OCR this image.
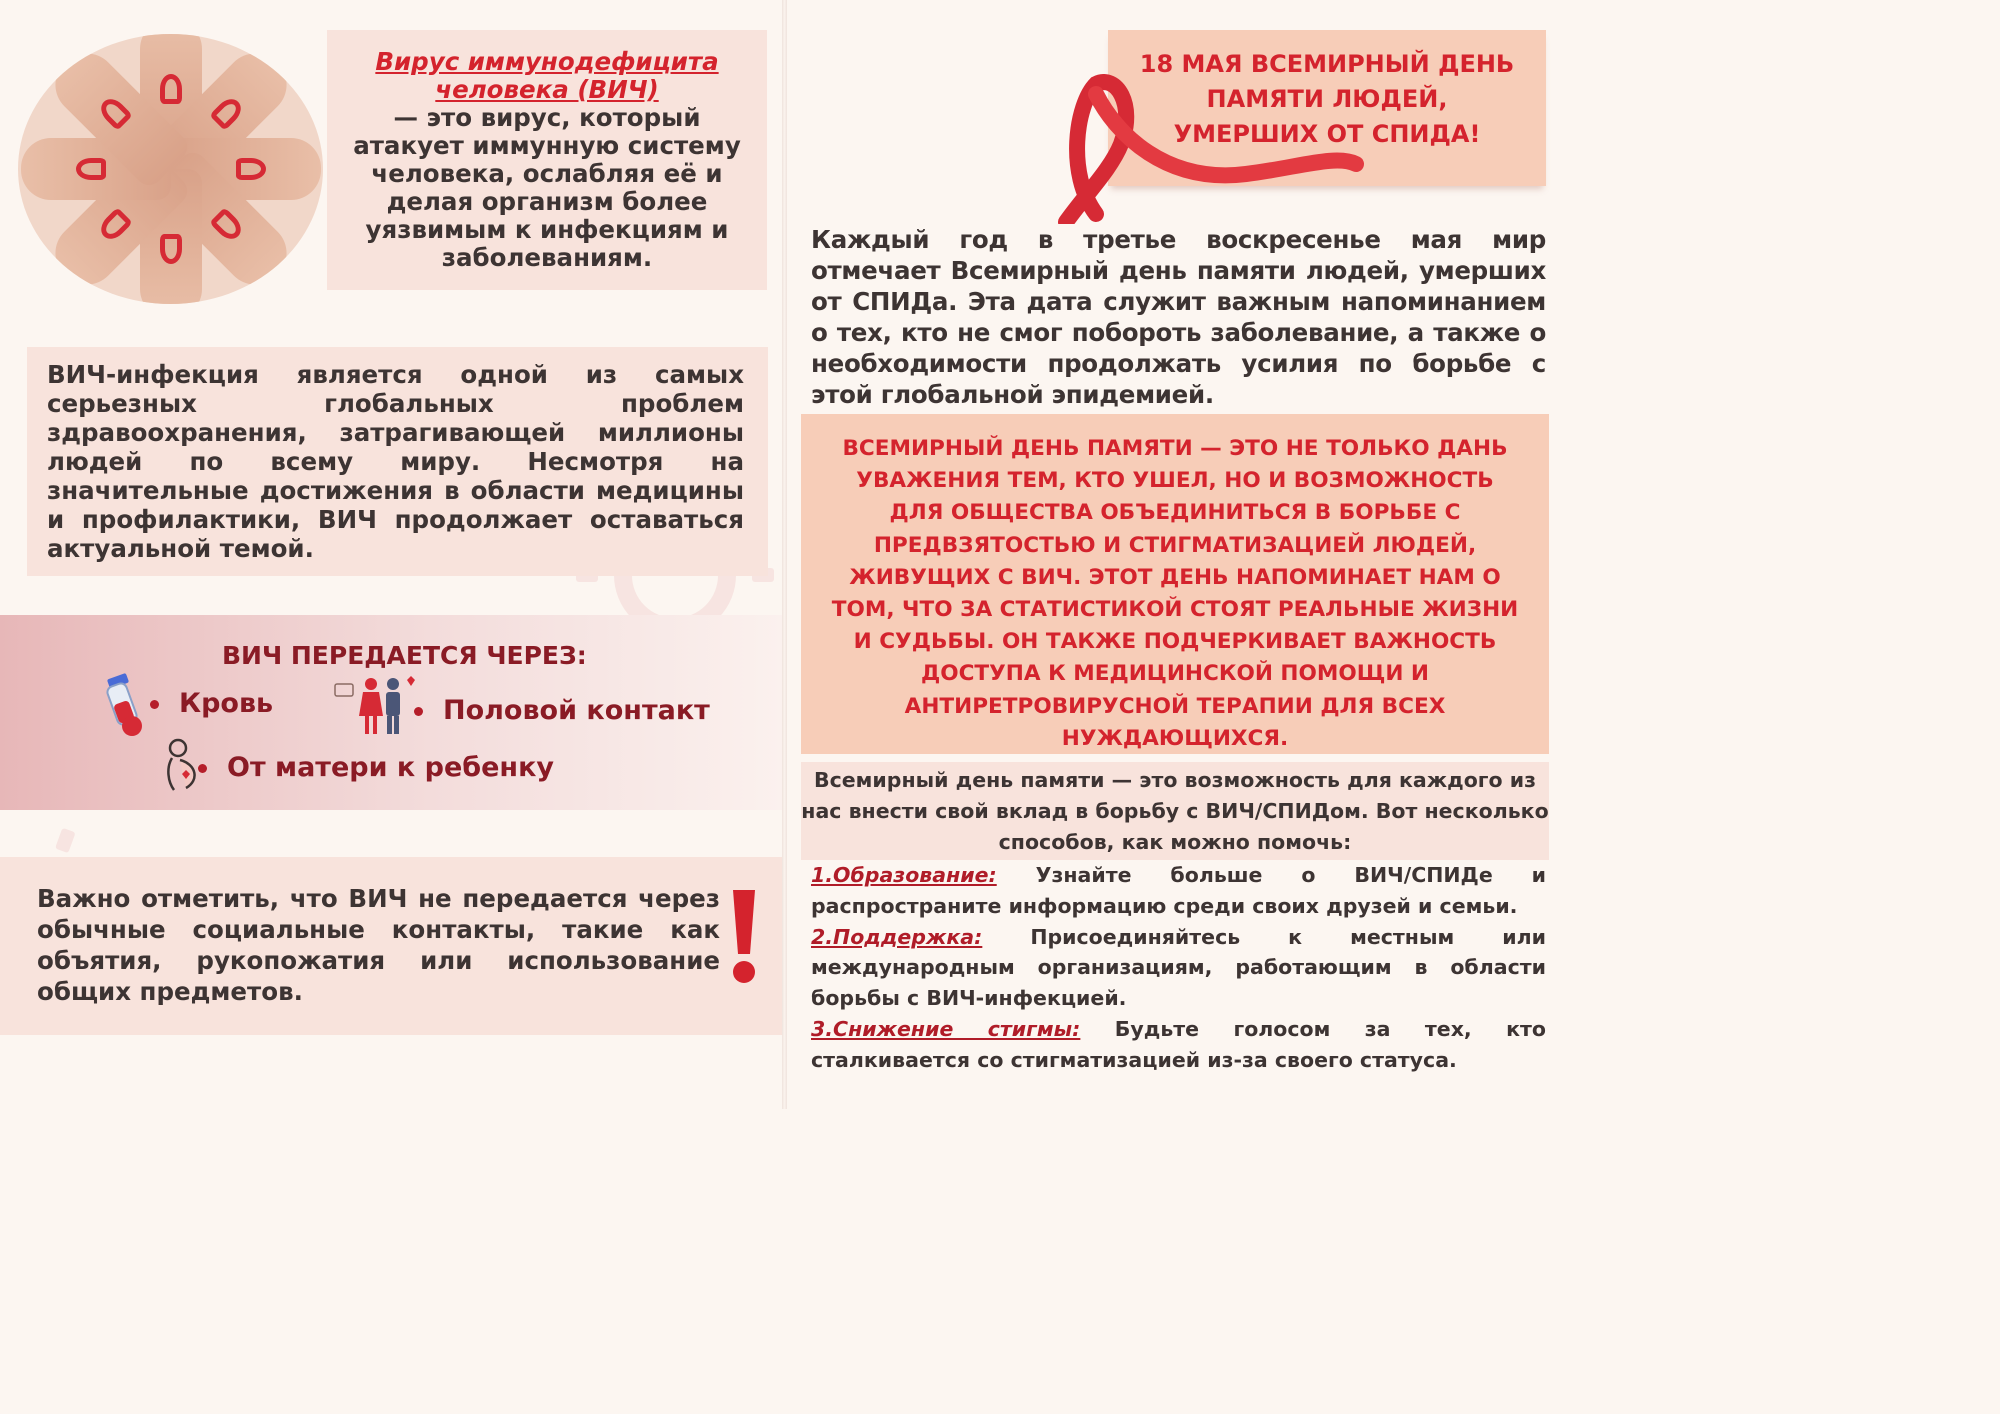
Вирус иммунодефицита
человека (ВИЧ)
— это вирус, который атакует иммунную систему человека, ослабляя её и делая организм более уязвимым к инфекциям и заболеваниям.
ВИЧ-инфекция является одной из самых серьезных глобальных проблем здравоохранения, затрагивающей миллионы людей по всему миру. Несмотря на значительные достижения в области медицины и профилактики, ВИЧ продолжает оставаться актуальной темой.
ВИЧ ПЕРЕДАЕТСЯ ЧЕРЕЗ:
Кровь	Половой контакт
От матери к ребенку
Важно отметить, что ВИЧ не передается через обычные социальные контакты, такие как объятия, рукопожатия или использование общих предметов.
18 МАЯ ВСЕМИРНЫЙ ДЕНЬ ПАМЯТИ ЛЮДЕЙ, УМЕРШИХ ОТ СПИДА!
Каждый год в третье воскресенье мая мир отмечает Всемирный день памяти людей, умерших от СПИДа. Эта дата служит важным напоминанием о тех, кто не смог побороть заболевание, а также о необходимости продолжать усилия по борьбе с этой глобальной эпидемией.
ВСЕМИРНЫЙ ДЕНЬ ПАМЯТИ — ЭТО НЕ ТОЛЬКО ДАНЬ УВАЖЕНИЯ ТЕМ, КТО УШЕЛ, НО И ВОЗМОЖНОСТЬ ДЛЯ ОБЩЕСТВА ОБЪЕДИНИТЬСЯ В БОРЬБЕ С ПРЕДВЗЯТОСТЬЮ И СТИГМАТИЗАЦИЕЙ ЛЮДЕЙ, ЖИВУЩИХ С ВИЧ. ЭТОТ ДЕНЬ НАПОМИНАЕТ НАМ О ТОМ, ЧТО ЗА СТАТИСТИКОЙ СТОЯТ РЕАЛЬНЫЕ ЖИЗНИ И СУДЬБЫ. ОН ТАКЖЕ ПОДЧЕРКИВАЕТ ВАЖНОСТЬ ДОСТУПА К МЕДИЦИНСКОЙ ПОМОЩИ И АНТИРЕТРОВИРУСНОЙ ТЕРАПИИ ДЛЯ ВСЕХ НУЖДАЮЩИХСЯ.
Всемирный день памяти — это возможность для каждого из нас внести свой вклад в борьбу с ВИЧ/СПИДом. Вот несколько способов, как можно помочь:

1.Образование: Узнайте больше о ВИЧ/СПИДе и распространите информацию среди своих друзей и семьи.

2.Поддержка: Присоединяйтесь к местным или международным организациям, работающим в области борьбы с ВИЧ-инфекцией.

3.Снижение стигмы: Будьте голосом за тех, кто сталкивается со стигматизацией из-за своего статуса.
